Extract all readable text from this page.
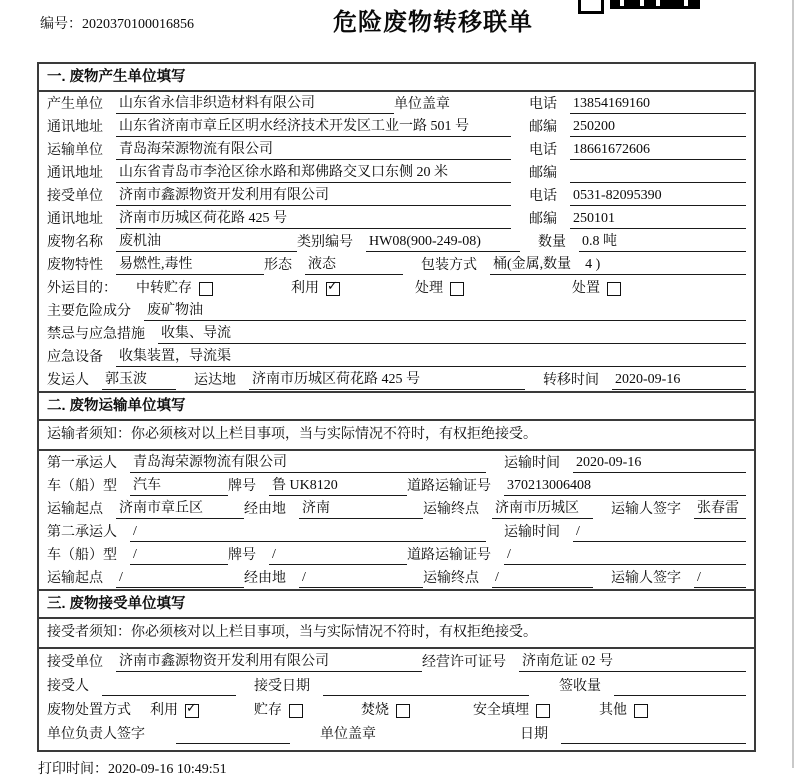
编号：2020370100016856	危险废物转移联单
一. 废物产生单位填写
产生单位 山东省永信非织造材料有限公司	单位盖章	电话 13854169160
通讯地址 山东省济南市章丘区明水经济技术开发区工业一路 501 号	邮编 250200
运输单位 青岛海荣源物流有限公司	电话 18661672606
通讯地址 山东省青岛市李沧区徐水路和郑佛路交叉口东侧 20 米	邮编
接受单位 济南市鑫源物资开发利用有限公司	电话 0531-82095390
通讯地址 济南市历城区荷花路 425 号	邮编 250101
废物名称 废机油	类别编号 HW08(900-249-08)	数量 0.8 吨
废物特性 易燃性,毒性	形态 液态	包装方式 桶(金属,数量　4 )
外运目的： 中转贮存	利用 ✓	处理	处置
主要危险成分 废矿物油
禁忌与应急措施 收集、导流
应急设备 收集装置，导流渠
发运人 郭玉波	运达地 济南市历城区荷花路 425 号	转移时间 2020-09-16
二. 废物运输单位填写
运输者须知：你必须核对以上栏目事项，当与实际情况不符时，有权拒绝接受。
第一承运人 青岛海荣源物流有限公司	运输时间 2020-09-16
车（船）型 汽车	牌号 鲁 UK8120	道路运输证号 370213006408
运输起点 济南市章丘区	经由地 济南	运输终点 济南市历城区	运输人签字 张春雷
第二承运人 /	运输时间 /
车（船）型 /	牌号 /	道路运输证号 /
运输起点 /	经由地 /	运输终点 /	运输人签字 /
三. 废物接受单位填写
接受者须知：你必须核对以上栏目事项，当与实际情况不符时，有权拒绝接受。
接受单位 济南市鑫源物资开发利用有限公司	经营许可证号 济南危证 02 号
接受人	接受日期	签收量
废物处置方式 利用 ✓	贮存	焚烧	安全填埋	其他
单位负责人签字	单位盖章	日期
打印时间：2020-09-16 10:49:51
